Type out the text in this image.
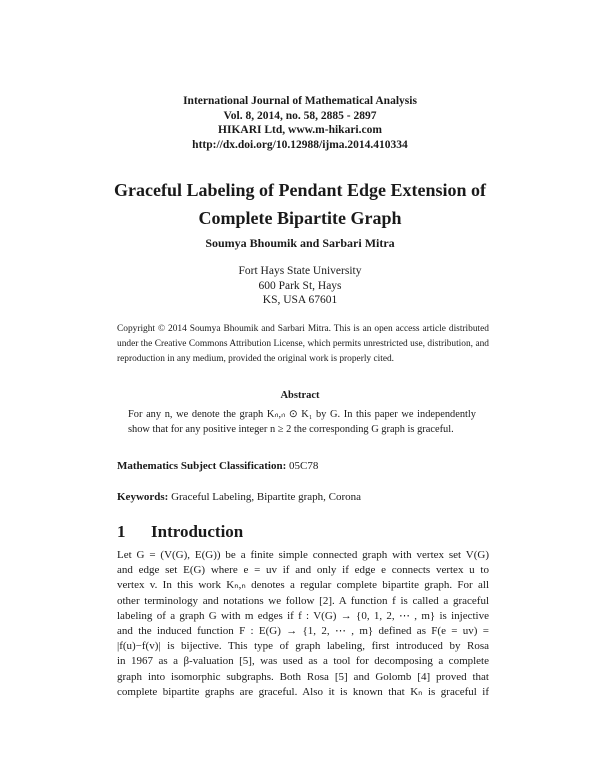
International Journal of Mathematical Analysis
Vol. 8, 2014, no. 58, 2885 - 2897
HIKARI Ltd, www.m-hikari.com
http://dx.doi.org/10.12988/ijma.2014.410334
Graceful Labeling of Pendant Edge Extension of
Complete Bipartite Graph
Soumya Bhoumik and Sarbari Mitra
Fort Hays State University
600 Park St, Hays
KS, USA 67601
Copyright © 2014 Soumya Bhoumik and Sarbari Mitra. This is an open access article distributed under the Creative Commons Attribution License, which permits unrestricted use, distribution, and reproduction in any medium, provided the original work is properly cited.
Abstract
For any n, we denote the graph Kₙ,ₙ ⊙ K₁ by G. In this paper we independently show that for any positive integer n ≥ 2 the corresponding G graph is graceful.
Mathematics Subject Classification: 05C78
Keywords: Graceful Labeling, Bipartite graph, Corona
1 Introduction
Let G = (V(G), E(G)) be a finite simple connected graph with vertex set V(G)
and edge set E(G) where e = uv if and only if edge e connects vertex u to
vertex v. In this work Kₙ,ₙ denotes a regular complete bipartite graph. For all
other terminology and notations we follow [2]. A function f is called a graceful
labeling of a graph G with m edges if f : V(G) → {0, 1, 2, ⋯ , m} is injective
and the induced function F : E(G) → {1, 2, ⋯ , m} defined as F(e = uv) =
|f(u)−f(v)| is bijective. This type of graph labeling, first introduced by Rosa
in 1967 as a β-valuation [5], was used as a tool for decomposing a complete
graph into isomorphic subgraphs. Both Rosa [5] and Golomb [4] proved that
complete bipartite graphs are graceful. Also it is known that Kₙ is graceful if
